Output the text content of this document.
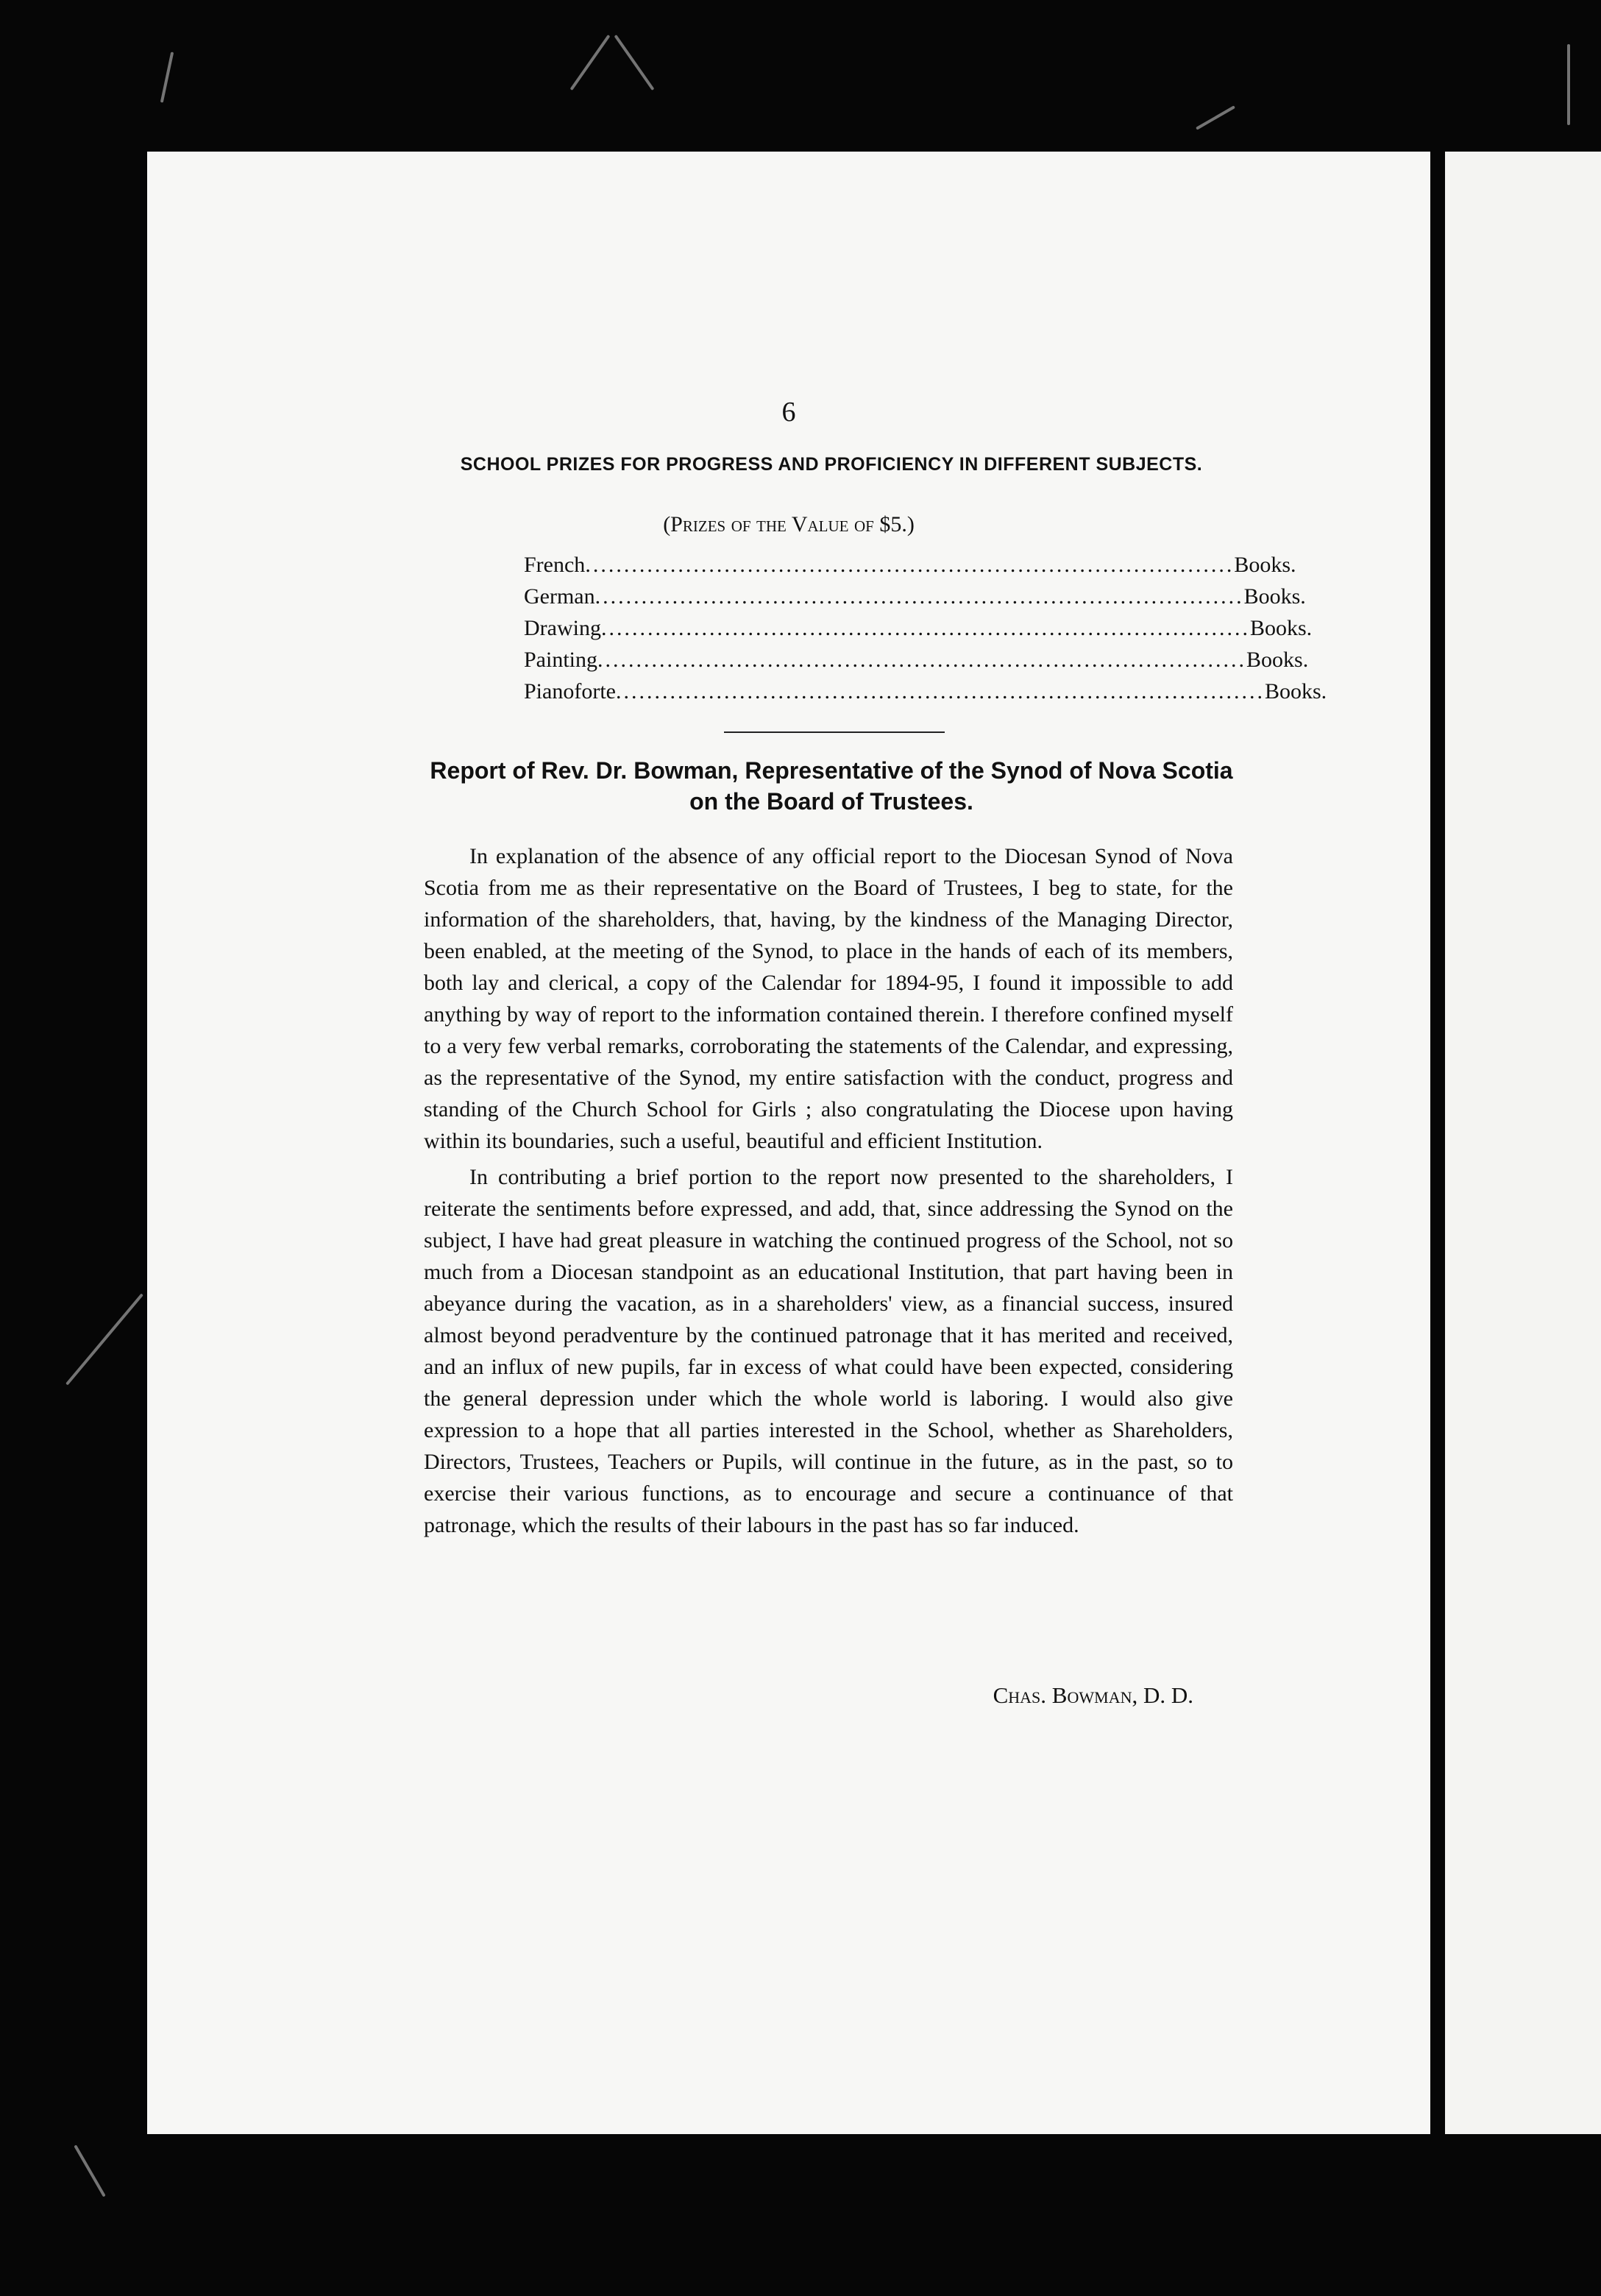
6
SCHOOL PRIZES FOR PROGRESS AND PROFICIENCY IN DIFFERENT SUBJECTS.
(Prizes of the Value of $5.)
French .................................................................................... Books.
German .................................................................................... Books.
Drawing .................................................................................... Books.
Painting .................................................................................... Books.
Pianoforte .................................................................................... Books.
Report of Rev. Dr. Bowman, Representative of the Synod of Nova Scotia on the Board of Trustees.

In explanation of the absence of any official report to the Diocesan Synod of Nova Scotia from me as their representative on the Board of Trustees, I beg to state, for the information of the shareholders, that, having, by the kindness of the Managing Director, been enabled, at the meeting of the Synod, to place in the hands of each of its members, both lay and clerical, a copy of the Calendar for 1894-95, I found it impossible to add anything by way of report to the information contained therein. I therefore confined myself to a very few verbal remarks, corroborating the statements of the Calendar, and expressing, as the representative of the Synod, my entire satisfaction with the conduct, progress and standing of the Church School for Girls ; also congratulating the Diocese upon having within its boundaries, such a useful, beautiful and efficient Institution.

In contributing a brief portion to the report now presented to the shareholders, I reiterate the sentiments before expressed, and add, that, since addressing the Synod on the subject, I have had great pleasure in watching the continued progress of the School, not so much from a Diocesan standpoint as an educational Institution, that part having been in abeyance during the vacation, as in a shareholders' view, as a financial success, insured almost beyond peradventure by the continued patronage that it has merited and received, and an influx of new pupils, far in excess of what could have been expected, considering the general depression under which the whole world is laboring. I would also give expression to a hope that all parties interested in the School, whether as Shareholders, Directors, Trustees, Teachers or Pupils, will continue in the future, as in the past, so to exercise their various functions, as to encourage and secure a continuance of that patronage, which the results of their labours in the past has so far induced.

Chas. Bowman, D. D.
